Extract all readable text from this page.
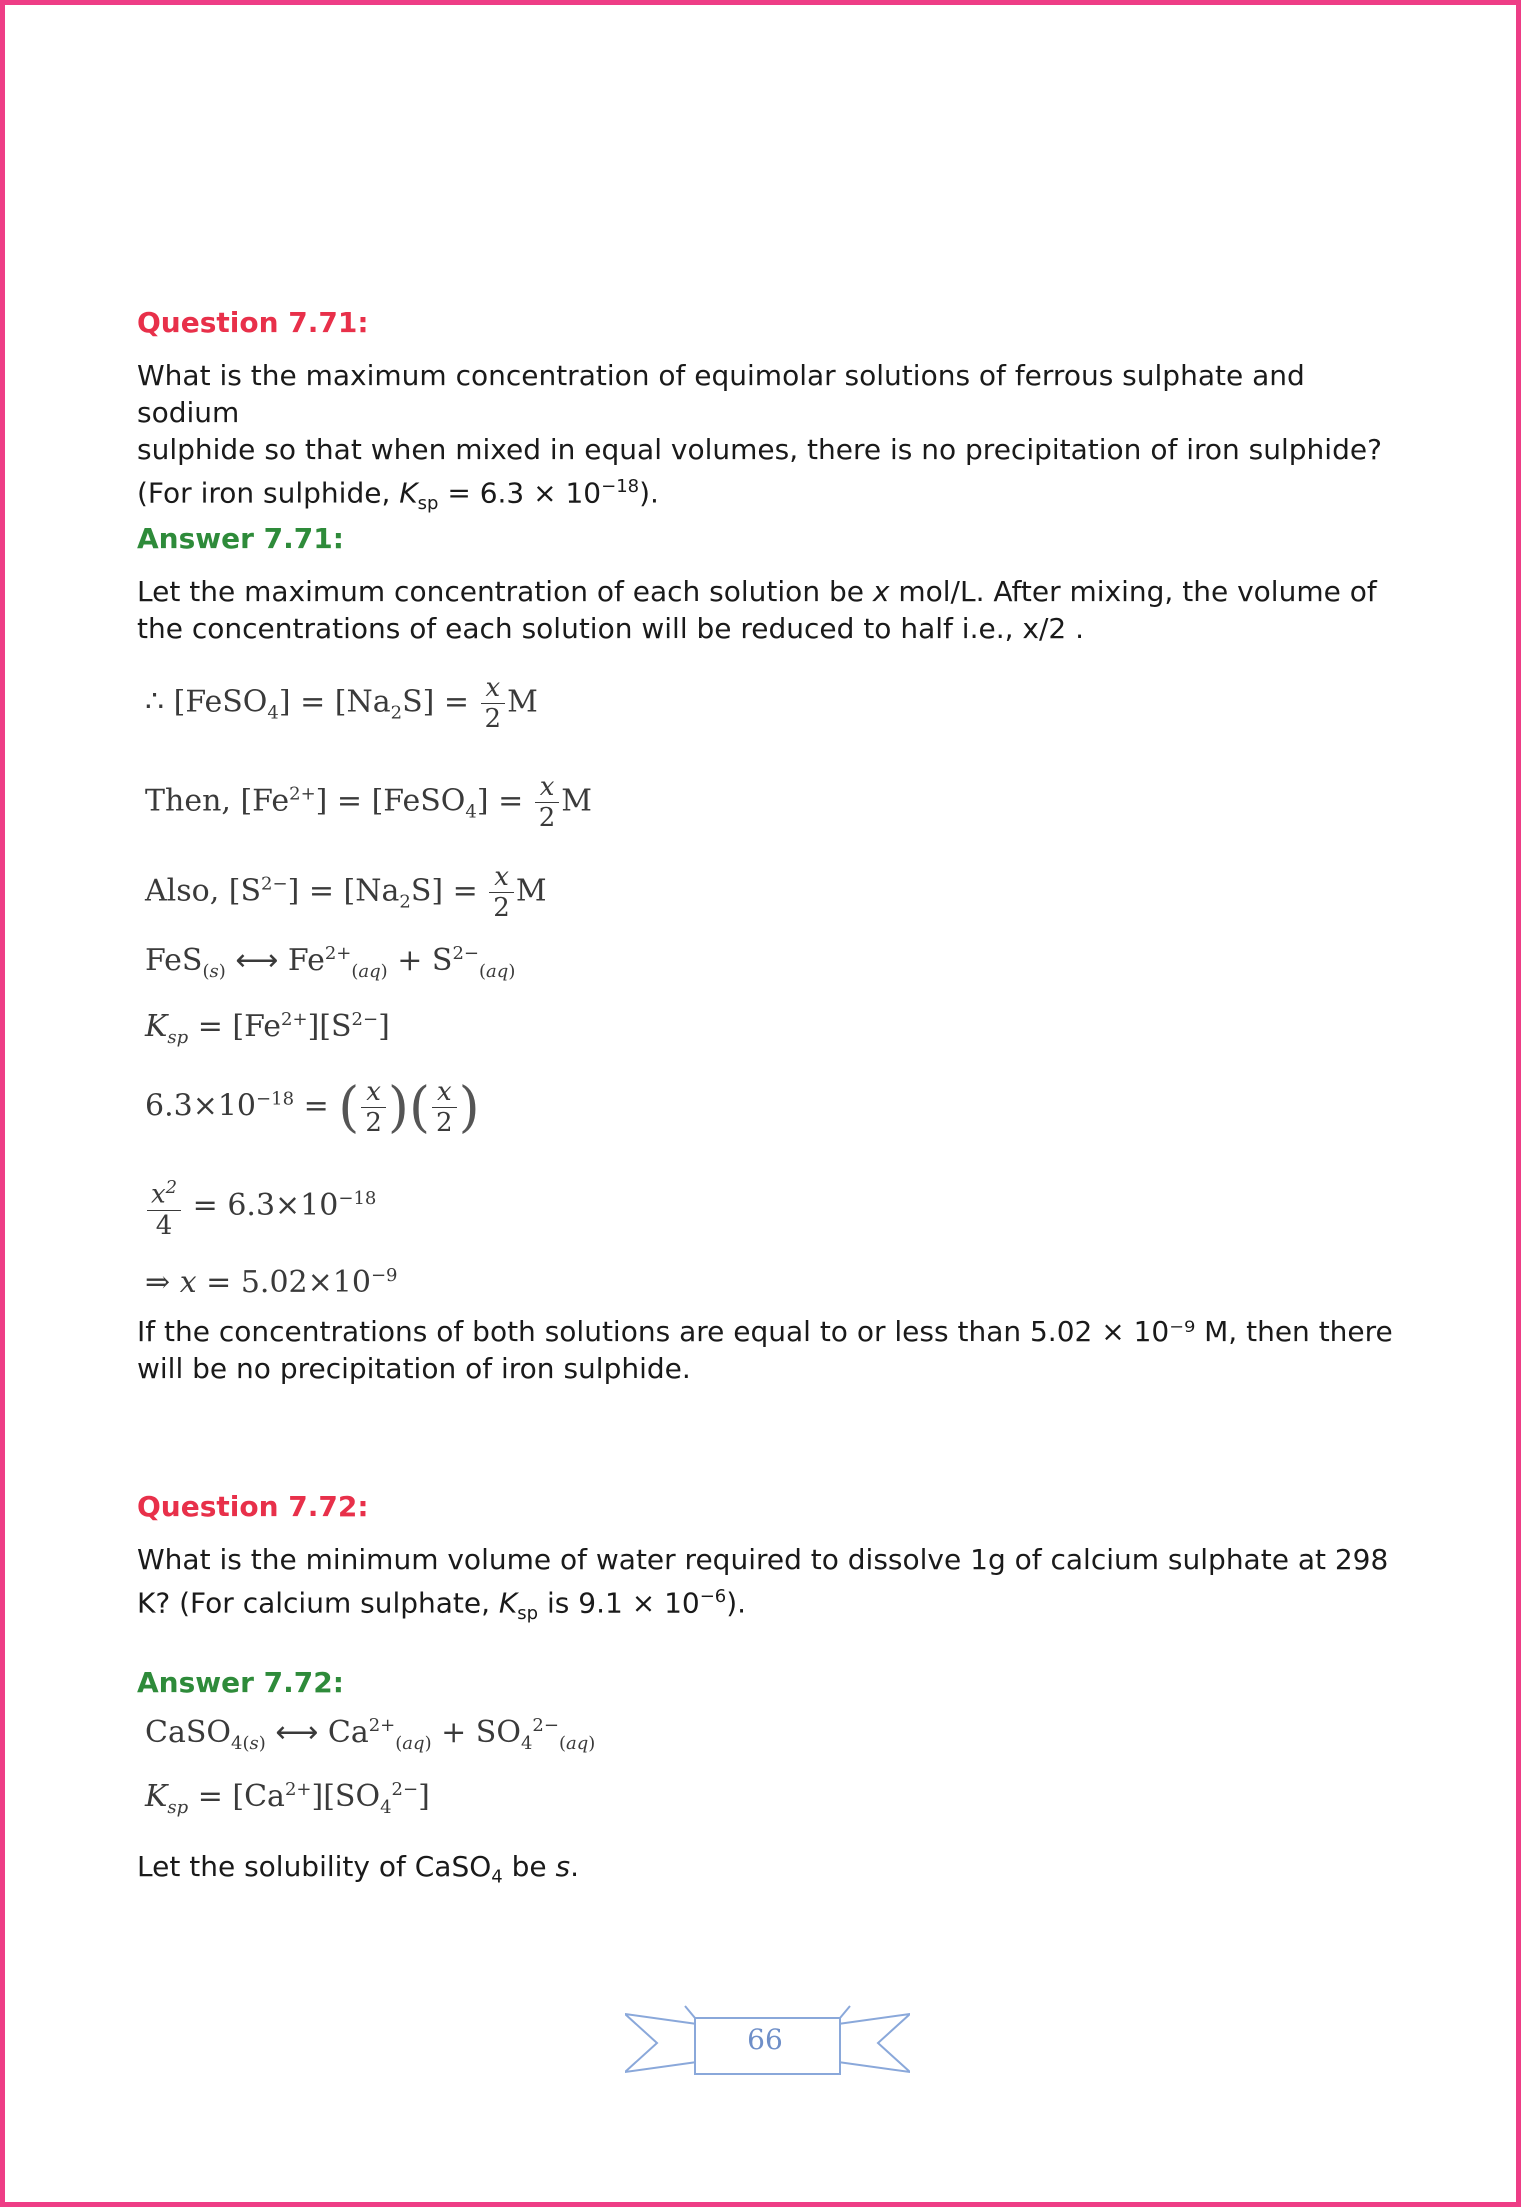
Question 7.71:

What is the maximum concentration of equimolar solutions of ferrous sulphate and sodium

sulphide so that when mixed in equal volumes, there is no precipitation of iron sulphide?

(For iron sulphide, $K_{sp} = 6.3 \times 10^{-18}$).

Answer 7.71:

Let the maximum concentration of each solution be x mol/L. After mixing, the volume of

the concentrations of each solution will be reduced to half i.e., x/2 .

∴ [FeSO$_4$] = $[Na_2S] = \frac{x}{2}$ M
Then, $[Fe^{2+}]$ = [FeSO$_4$] = $\frac{x}{2}$ M
Also, $[S^{2-}] = [Na_2S] = \frac{x}{2}$ M
FeS$_{(s)}$ ⟷ $Fe^{2+}_{(aq)} + S^{2-}_{(aq)}$
$K_{sp} = [Fe^{2+}][S^{2-}]$
$6.3\times 10^{-18}$ = ( $\frac{x}{2}$ )( $\frac{x}{2}$ )
$\frac{x^2}{4} = 6.3\times 10^{-18}$
⇒ $x = 5.02\times 10^{-9}$

If the concentrations of both solutions are equal to or less than 5.02 × 10⁻⁹ M, then there

will be no precipitation of iron sulphide.

Question 7.72:

What is the minimum volume of water required to dissolve 1g of calcium sulphate at 298

K? (For calcium sulphate, $K_{sp}$ is $9.1 \times 10^{-6}$).

Answer 7.72:

CaSO$_{4(s)}$ ⟷ $Ca^{2+}_{(aq)} + SO_4^{2-}_{(aq)}$
$K_{sp} = [Ca^{2+}][SO_4^{2-}]$

Let the solubility of CaSO$_4$ be s.

66
